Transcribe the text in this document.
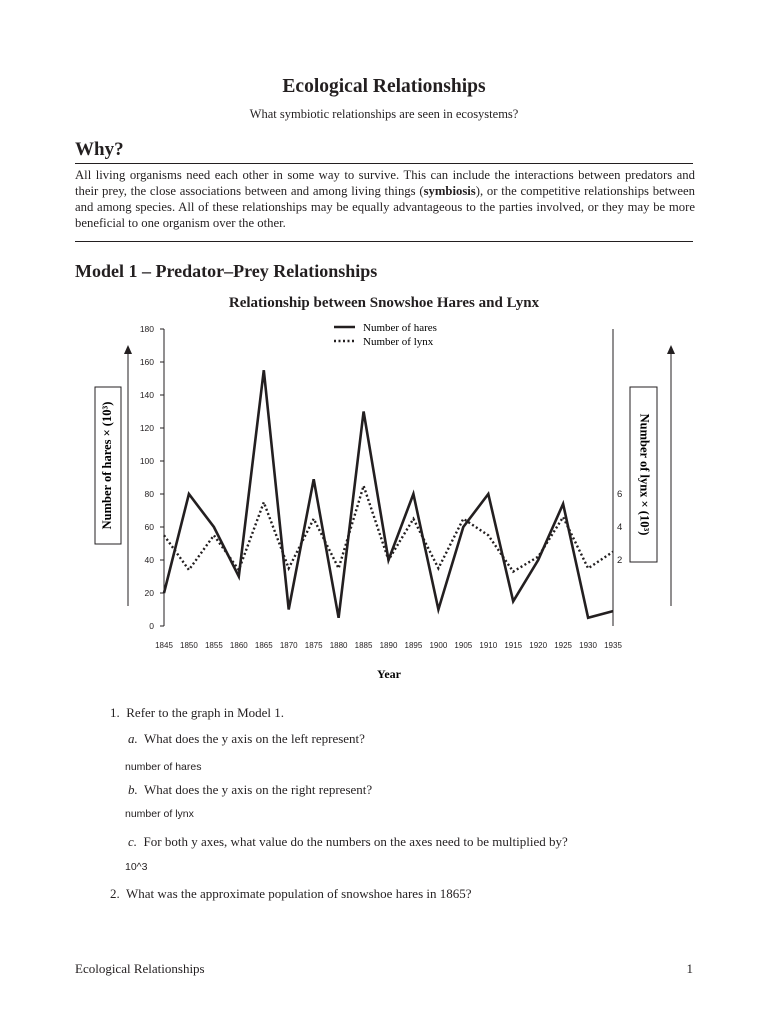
Ecological Relationships
What symbiotic relationships are seen in ecosystems?
Why?
All living organisms need each other in some way to survive. This can include the interactions between predators and their prey, the close associations between and among living things (symbiosis), or the competitive relationships between and among species. All of these relationships may be equally advantageous to the parties involved, or they may be more beneficial to one organism over the other.
Model 1 – Predator–Prey Relationships
Relationship between Snowshoe Hares and Lynx
0
20
40
60
80
100
120
140
160
180
2
4
6
1845 1850 1855 1860 1865 1870 1875 1880 1885 1890 1895 1900 1905 1910 1915 1920 1925 1930 1935
Number of hares × (10³)	Number of lynx × (10³)
Number of hares
Number of lynx
Year
1. Refer to the graph in Model 1.
a. What does the y axis on the left represent?
number of hares
b. What does the y axis on the right represent?
number of lynx
c. For both y axes, what value do the numbers on the axes need to be multiplied by?
10^3
2. What was the approximate population of snowshoe hares in 1865?
Ecological Relationships	1
